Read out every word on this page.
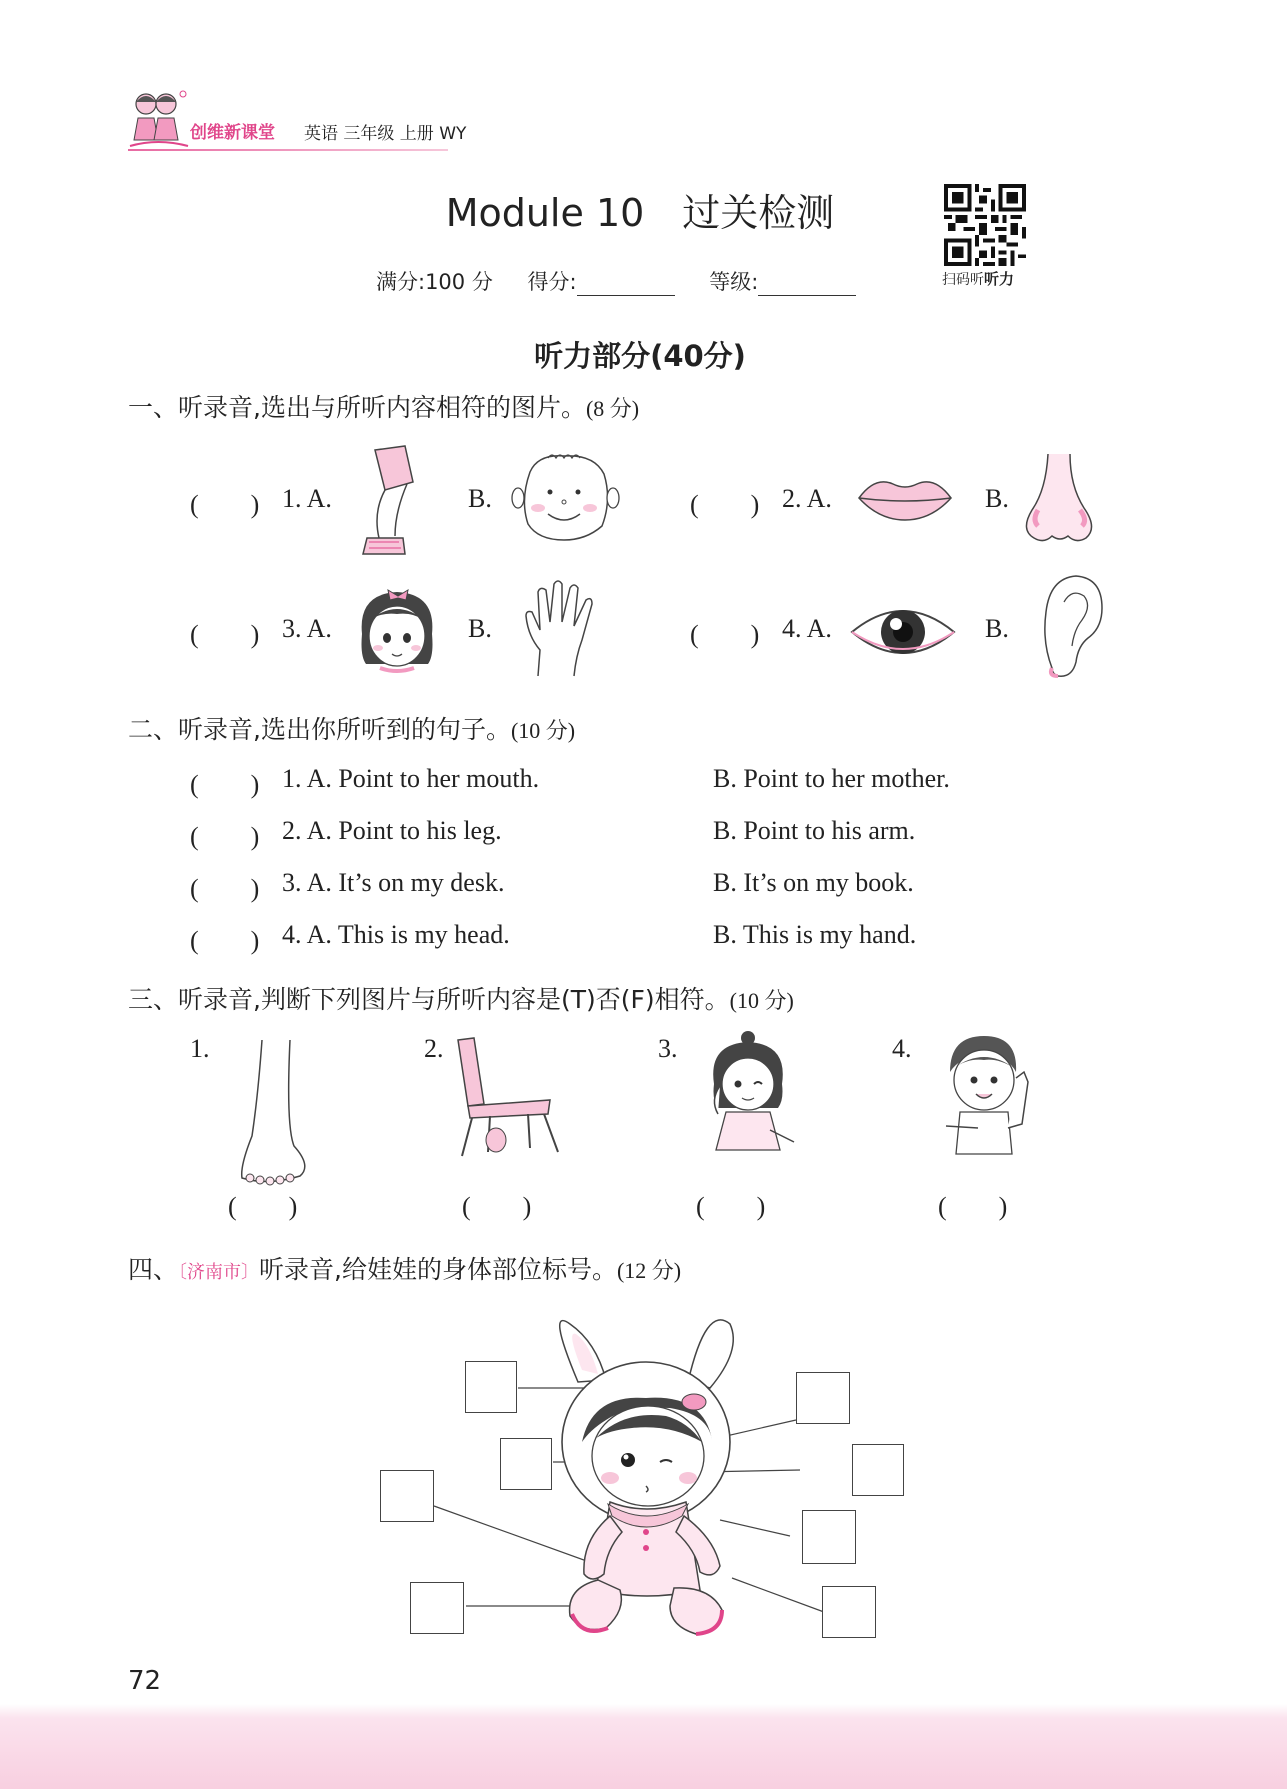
创维新课堂 英语 三年级 上册 WY
Module 10　过关检测
满分:100 分 得分:	等级:	扫码听听力
听力部分(40分)
一、听录音,选出与所听内容相符的图片。(8 分)
(　　) 1. A.	B.	(　　) 2. A.	B.
(　　) 3. A.	B.	(　　) 4. A.	B.
二、听录音,选出你所听到的句子。(10 分)
(　　) 1. A. Point to her mouth.	B. Point to her mother.
(　　) 2. A. Point to his leg.	B. Point to his arm.
(　　) 3. A. It’s on my desk.	B. It’s on my book.
(　　) 4. A. This is my head.	B. This is my hand.
三、听录音,判断下列图片与所听内容是(T)否(F)相符。(10 分)
1.	2.	3.	4.
(　　)	(　　)	(　　)	(　　)
四、〔济南市〕听录音,给娃娃的身体部位标号。(12 分)
72
